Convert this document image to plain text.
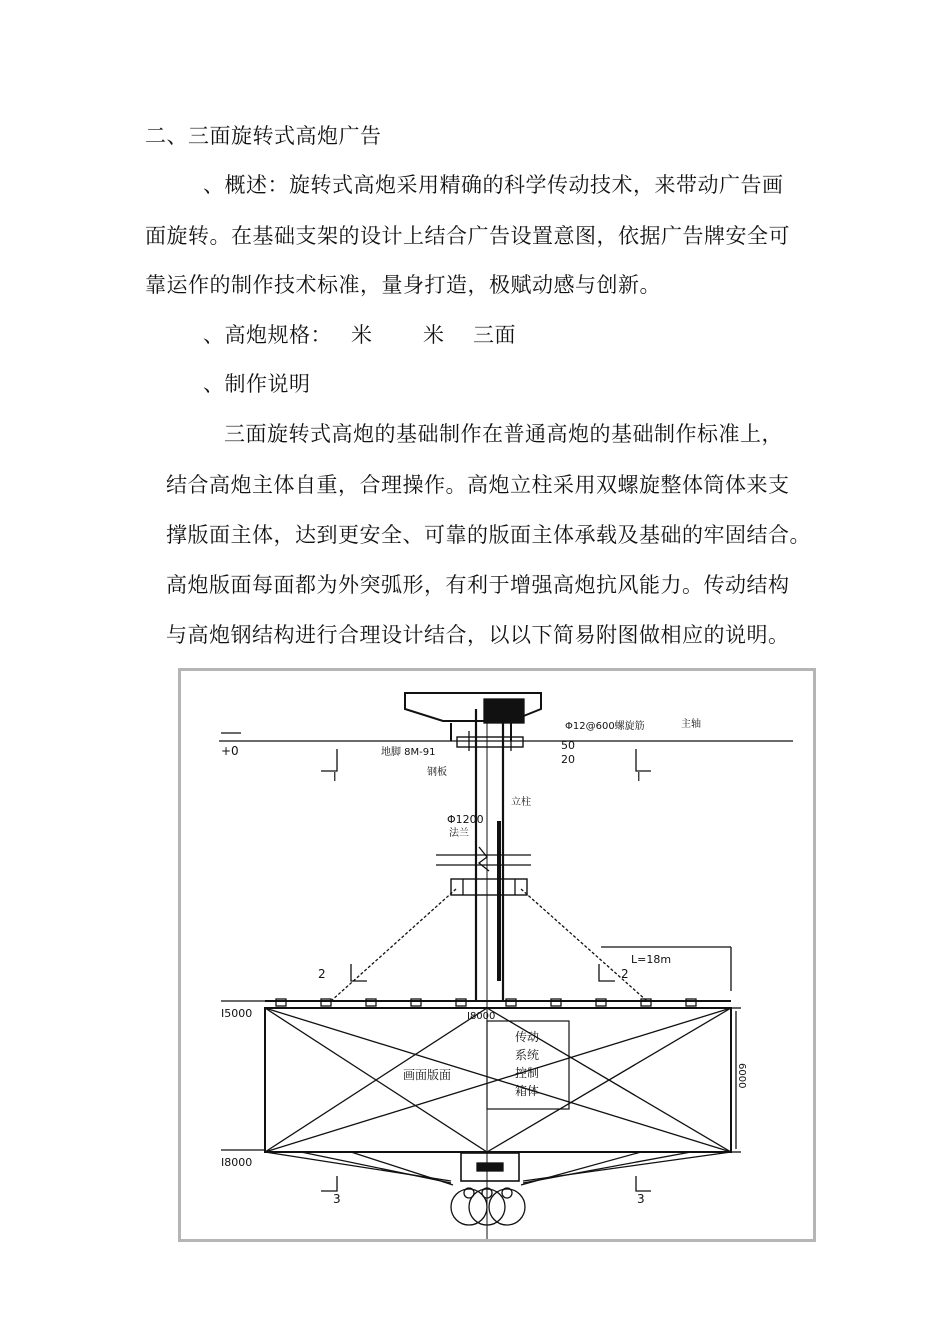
二、三面旋转式高炮广告
、概述：旋转式高炮采用精确的科学传动技术，来带动广告画
面旋转。在基础支架的设计上结合广告设置意图，依据广告牌安全可
靠运作的制作技术标准，量身打造，极赋动感与创新。
、高炮规格： 米 米 三面
、制作说明
三面旋转式高炮的基础制作在普通高炮的基础制作标准上，
结合高炮主体自重，合理操作。高炮立柱采用双螺旋整体筒体来支
撑版面主体，达到更安全、可靠的版面主体承载及基础的牢固结合。
高炮版面每面都为外突弧形，有利于增强高炮抗风能力。传动结构
与高炮钢结构进行合理设计结合，以以下简易附图做相应的说明。
+0
I5000
I8000
I	I
2	2
3	3
Φ1200
Φ12@600螺旋筋
50
20
I8000
6000
L=18m
地脚 8M-91
钢板
立柱
法兰
主轴
画面版面
传动
系统
控制
箱体
